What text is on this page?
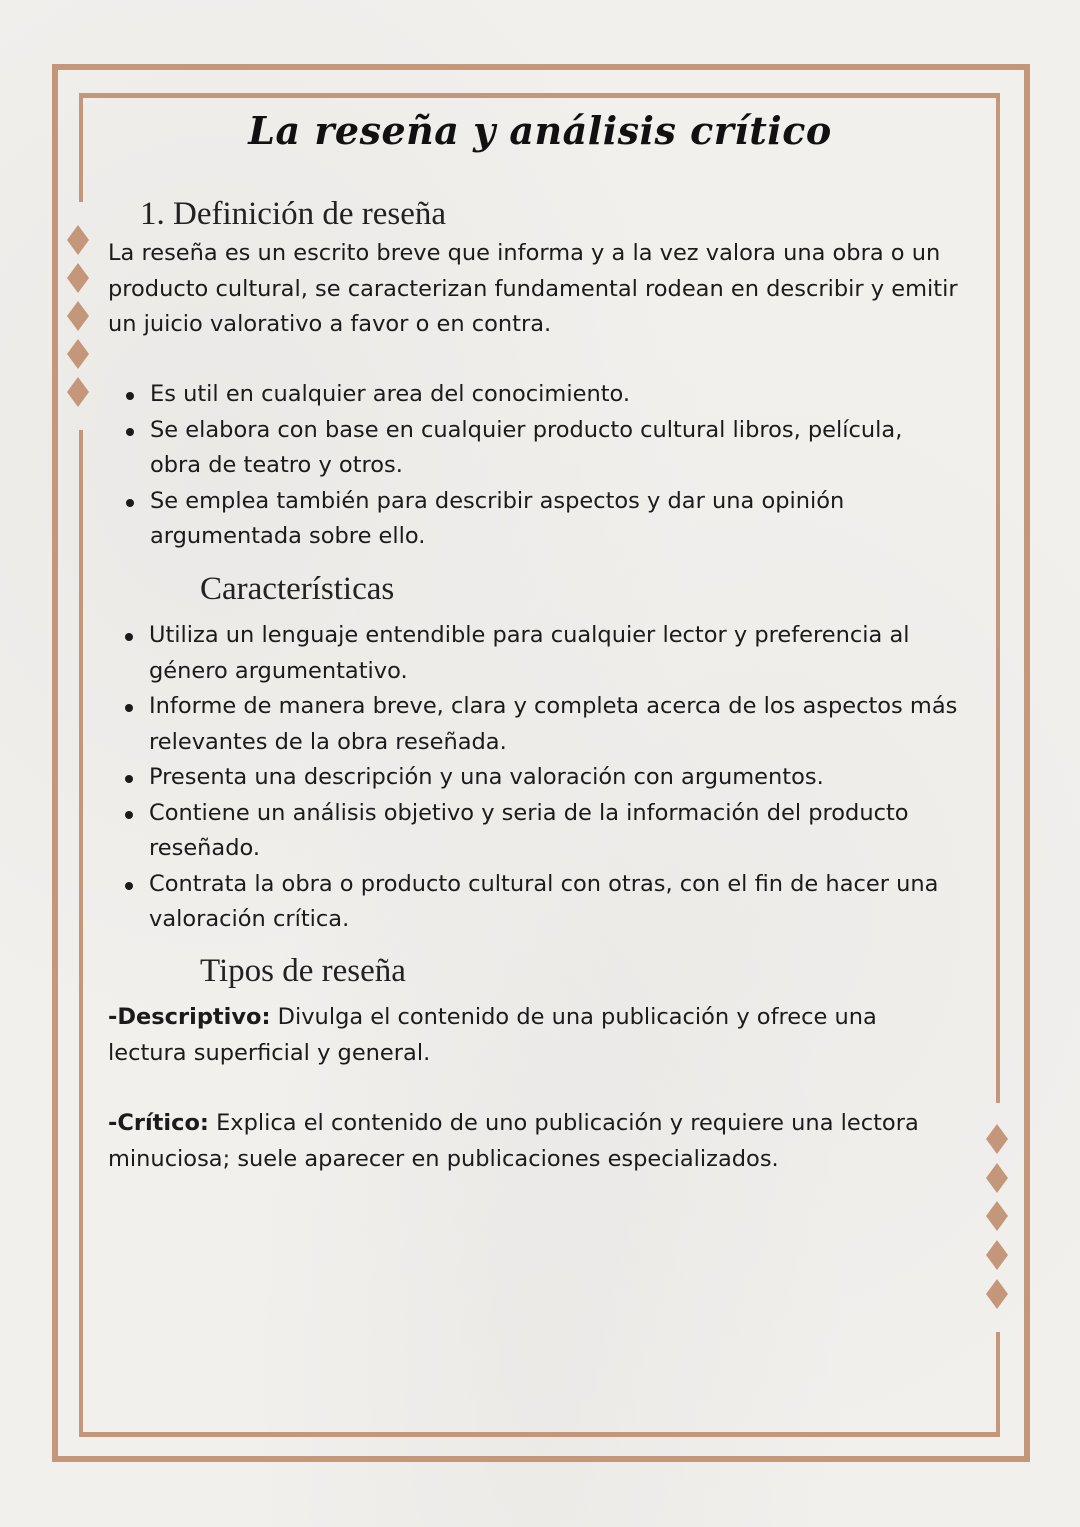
La reseña y análisis crítico
1. Definición de reseña

La reseña es un escrito breve que informa y a la vez valora una obra o un producto cultural, se caracterizan fundamental rodean en describir y emitir un juicio valorativo a favor o en contra.

Es util en cualquier area del conocimiento.
Se elabora con base en cualquier producto cultural libros, película, obra de teatro y otros.
Se emplea también para describir aspectos y dar una opinión argumentada sobre ello.
Características
Utiliza un lenguaje entendible para cualquier lector y preferencia al género argumentativo.
Informe de manera breve, clara y completa acerca de los aspectos más relevantes de la obra reseñada.
Presenta una descripción y una valoración con argumentos.
Contiene un análisis objetivo y seria de la información del producto reseñado.
Contrata la obra o producto cultural con otras, con el fin de hacer una valoración crítica.
Tipos de reseña

-Descriptivo: Divulga el contenido de una publicación y ofrece una lectura superficial y general.

-Crítico: Explica el contenido de uno publicación y requiere una lectora minuciosa; suele aparecer en publicaciones especializados.
